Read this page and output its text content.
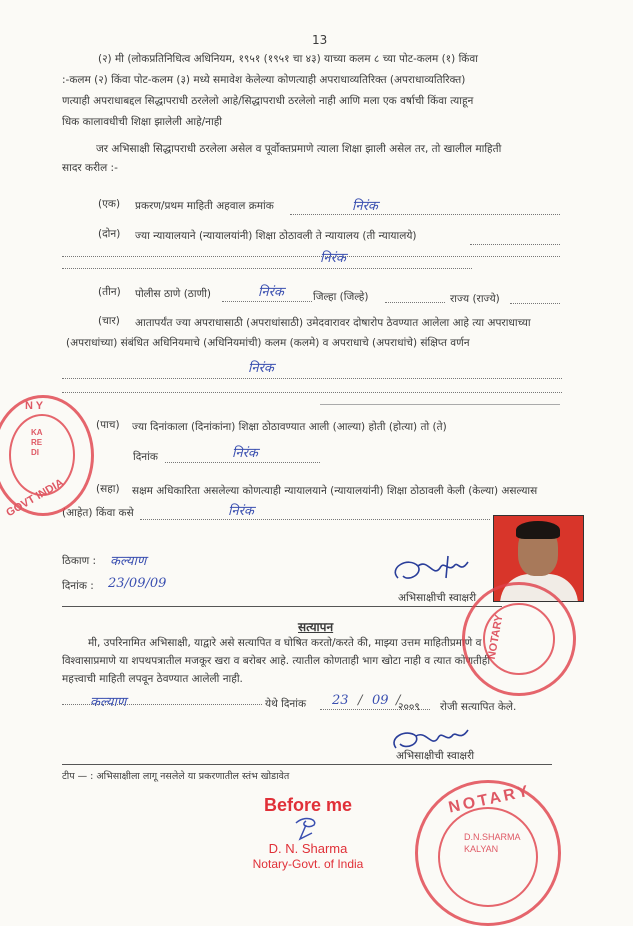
13
(२) मी (लोकप्रतिनिधित्व अधिनियम, १९५१ (१९५१ चा ४३) याच्या कलम ८ च्या पोट-कलम (१) किंवा
:-कलम (२) किंवा पोट-कलम (३) मध्ये समावेश केलेल्या कोणत्याही अपराधाव्यतिरिक्त (अपराधाव्यतिरिक्त)
णत्याही अपराधाबद्दल सिद्धापराधी ठरलेलो आहे/सिद्धापराधी ठरलेलो नाही आणि मला एक वर्षाची किंवा त्याहून
धिक कालावधीची शिक्षा झालेली आहे/नाही
जर अभिसाक्षी सिद्धापराधी ठरलेला असेल व पूर्वोक्तप्रमाणे त्याला शिक्षा झाली असेल तर, तो खालील माहिती
सादर करील :-
(एक) प्रकरण/प्रथम माहिती अहवाल क्रमांक	निरंक
(दोन) ज्या न्यायालयाने (न्यायालयांनी) शिक्षा ठोठावली ते न्यायालय (ती न्यायालये)
निरंक
(तीन) पोलीस ठाणे (ठाणी)	निरंक	जिल्हा (जिल्हे)	राज्य (राज्ये)
(चार) आतापर्यंत ज्या अपराधासाठी (अपराधांसाठी) उमेदवारावर दोषारोप ठेवण्यात आलेला आहे त्या अपराधाच्या
(अपराधांच्या) संबंधित अधिनियमाचे (अधिनियमांची) कलम (कलमे) व अपराधाचे (अपराधांचे) संक्षिप्त वर्णन
निरंक
(पाच) ज्या दिनांकाला (दिनांकांना) शिक्षा ठोठावण्यात आली (आल्या) होती (होत्या) तो (ते)
दिनांक	निरंक
(सहा) सक्षम अधिकारिता असलेल्या कोणत्याही न्यायालयाने (न्यायालयांनी) शिक्षा ठोठावली केली (केल्या) असल्यास
(आहेत) किंवा कसे	निरंक
ठिकाण : कल्याण
दिनांक : 23/09/09
अभिसाक्षीची स्वाक्षरी
सत्यापन
मी, उपरिनामित अभिसाक्षी, याद्वारे असे सत्यापित व घोषित करतो/करते की, माझ्या उत्तम माहितीप्रमाणे व
विश्वासाप्रमाणे या शपथपत्रातील मजकूर खरा व बरोबर आहे. त्यातील कोणताही भाग खोटा नाही व त्यात कोणतीही
महत्त्वाची माहिती लपवून ठेवण्यात आलेली नाही.
कल्याण	येथे दिनांक 23 / 09 /
२००९ रोजी सत्यापित केले.
अभिसाक्षीची स्वाक्षरी
टीप — : अभिसाक्षीला लागू नसलेले या प्रकरणातील स्तंभ खोडावेत
Before me
D. N. Sharma
Notary-Govt. of India
N Y
KA
RE
DI
GOVT INDIA
NOTARY
NOTARY
D.N.SHARMA
KALYAN
